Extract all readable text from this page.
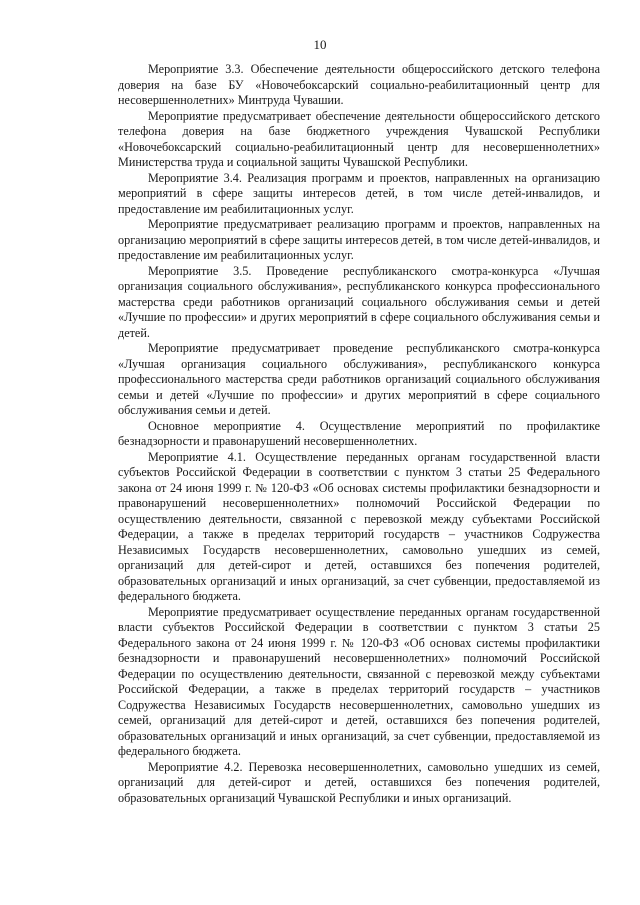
10

Мероприятие 3.3. Обеспечение деятельности общероссийского детского телефона доверия на базе БУ «Новочебоксарский социально-реабилитационный центр для несовершеннолетних» Минтруда Чувашии.

Мероприятие предусматривает обеспечение деятельности общероссийского детского телефона доверия на базе бюджетного учреждения Чувашской Республики «Новочебоксарский социально-реабилитационный центр для несовершеннолетних» Министерства труда и социальной защиты Чувашской Республики.

Мероприятие 3.4. Реализация программ и проектов, направленных на организацию мероприятий в сфере защиты интересов детей, в том числе детей-инвалидов, и предоставление им реабилитационных услуг.

Мероприятие предусматривает реализацию программ и проектов, направленных на организацию мероприятий в сфере защиты интересов детей, в том числе детей-инвалидов, и предоставление им реабилитационных услуг.

Мероприятие 3.5. Проведение республиканского смотра-конкурса «Лучшая организация социального обслуживания», республиканского конкурса профессионального мастерства среди работников организаций социального обслуживания семьи и детей «Лучшие по профессии» и других мероприятий в сфере социального обслуживания семьи и детей.

Мероприятие предусматривает проведение республиканского смотра-конкурса «Лучшая организация социального обслуживания», республиканского конкурса профессионального мастерства среди работников организаций социального обслуживания семьи и детей «Лучшие по профессии» и других мероприятий в сфере социального обслуживания семьи и детей.

Основное мероприятие 4. Осуществление мероприятий по профилактике безнадзорности и правонарушений несовершеннолетних.

Мероприятие 4.1. Осуществление переданных органам государственной власти субъектов Российской Федерации в соответствии с пунктом 3 статьи 25 Федерального закона от 24 июня 1999 г. № 120-ФЗ «Об основах системы профилактики безнадзорности и правонарушений несовершеннолетних» полномочий Российской Федерации по осуществлению деятельности, связанной с перевозкой между субъектами Российской Федерации, а также в пределах территорий государств – участников Содружества Независимых Государств несовершеннолетних, самовольно ушедших из семей, организаций для детей-сирот и детей, оставшихся без попечения родителей, образовательных организаций и иных организаций, за счет субвенции, предоставляемой из федерального бюджета.

Мероприятие предусматривает осуществление переданных органам государственной власти субъектов Российской Федерации в соответствии с пунктом 3 статьи 25 Федерального закона от 24 июня 1999 г. № 120-ФЗ «Об основах системы профилактики безнадзорности и правонарушений несовершеннолетних» полномочий Российской Федерации по осуществлению деятельности, связанной с перевозкой между субъектами Российской Федерации, а также в пределах территорий государств – участников Содружества Независимых Государств несовершеннолетних, самовольно ушедших из семей, организаций для детей-сирот и детей, оставшихся без попечения родителей, образовательных организаций и иных организаций, за счет субвенции, предоставляемой из федерального бюджета.

Мероприятие 4.2. Перевозка несовершеннолетних, самовольно ушедших из семей, организаций для детей-сирот и детей, оставшихся без попечения родителей, образовательных организаций Чувашской Республики и иных организаций.
